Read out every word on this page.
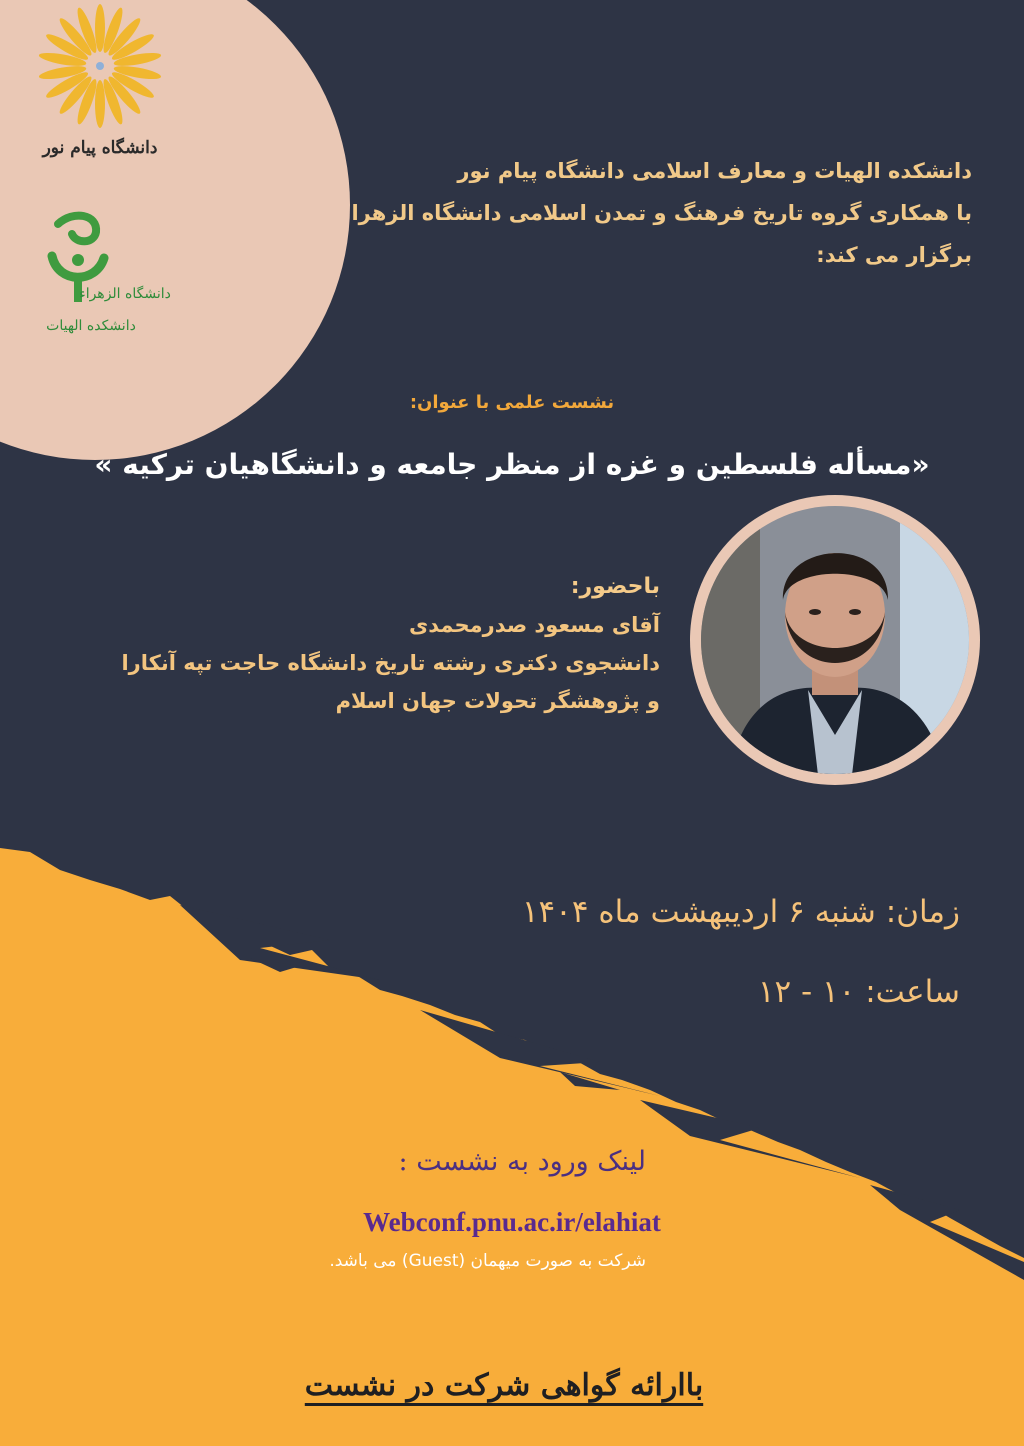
دانشگاه پیام نور
دانشگاه الزهراء
دانشکده الهیات
دانشکده الهیات و معارف اسلامی دانشگاه پیام نور
با همکاری گروه تاریخ فرهنگ و تمدن اسلامی دانشگاه الزهرا
برگزار می کند:
نشست علمی با عنوان:
«مسأله فلسطین و غزه از منظر جامعه و دانشگاهیان ترکیه »
باحضور:
آقای مسعود صدرمحمدی
دانشجوی دکتری رشته تاریخ دانشگاه حاجت تپه آنکارا
و پژوهشگر تحولات جهان اسلام
زمان: شنبه ۶ اردیبهشت ماه ۱۴۰۴
ساعت: ۱۰ - ۱۲
لینک ورود به نشست :
Webconf.pnu.ac.ir/elahiat
شرکت به صورت میهمان (Guest) می باشد.
باارائه گواهی شرکت در نشست
